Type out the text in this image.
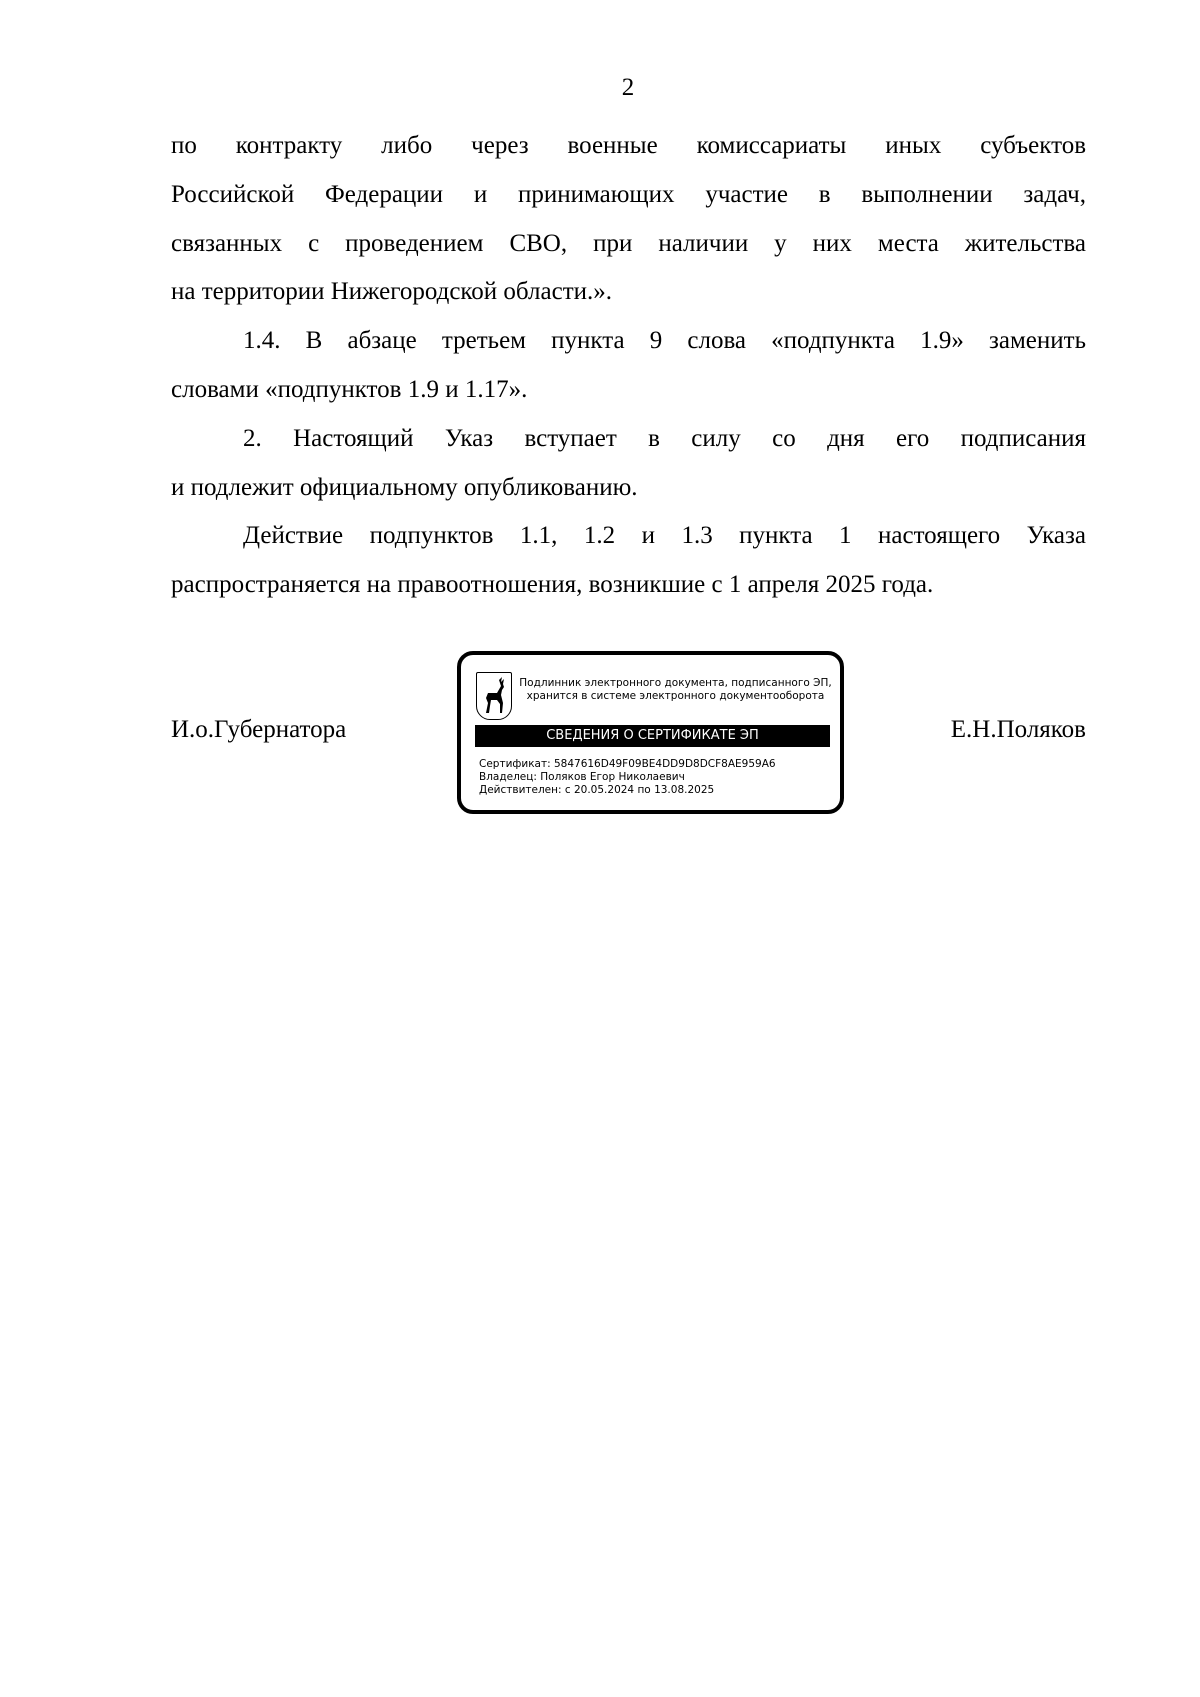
2
по контракту либо через военные комиссариаты иных субъектов
Российской Федерации и принимающих участие в выполнении задач,
связанных с проведением СВО, при наличии у них места жительства
на территории Нижегородской области.».
1.4. В абзаце третьем пункта 9 слова «подпункта 1.9» заменить
словами «подпунктов 1.9 и 1.17».
2. Настоящий Указ вступает в силу со дня его подписания
и подлежит официальному опубликованию.
Действие подпунктов 1.1, 1.2 и 1.3 пункта 1 настоящего Указа
распространяется на правоотношения, возникшие с 1 апреля 2025 года.
И.о.Губернатора	Е.Н.Поляков
Подлинник электронного документа, подписанного ЭП,
хранится в системе электронного документооборота
СВЕДЕНИЯ О СЕРТИФИКАТЕ ЭП
Сертификат: 5847616D49F09BE4DD9D8DCF8AE959A6
Владелец: Поляков Егор Николаевич
Действителен: с 20.05.2024 по 13.08.2025
